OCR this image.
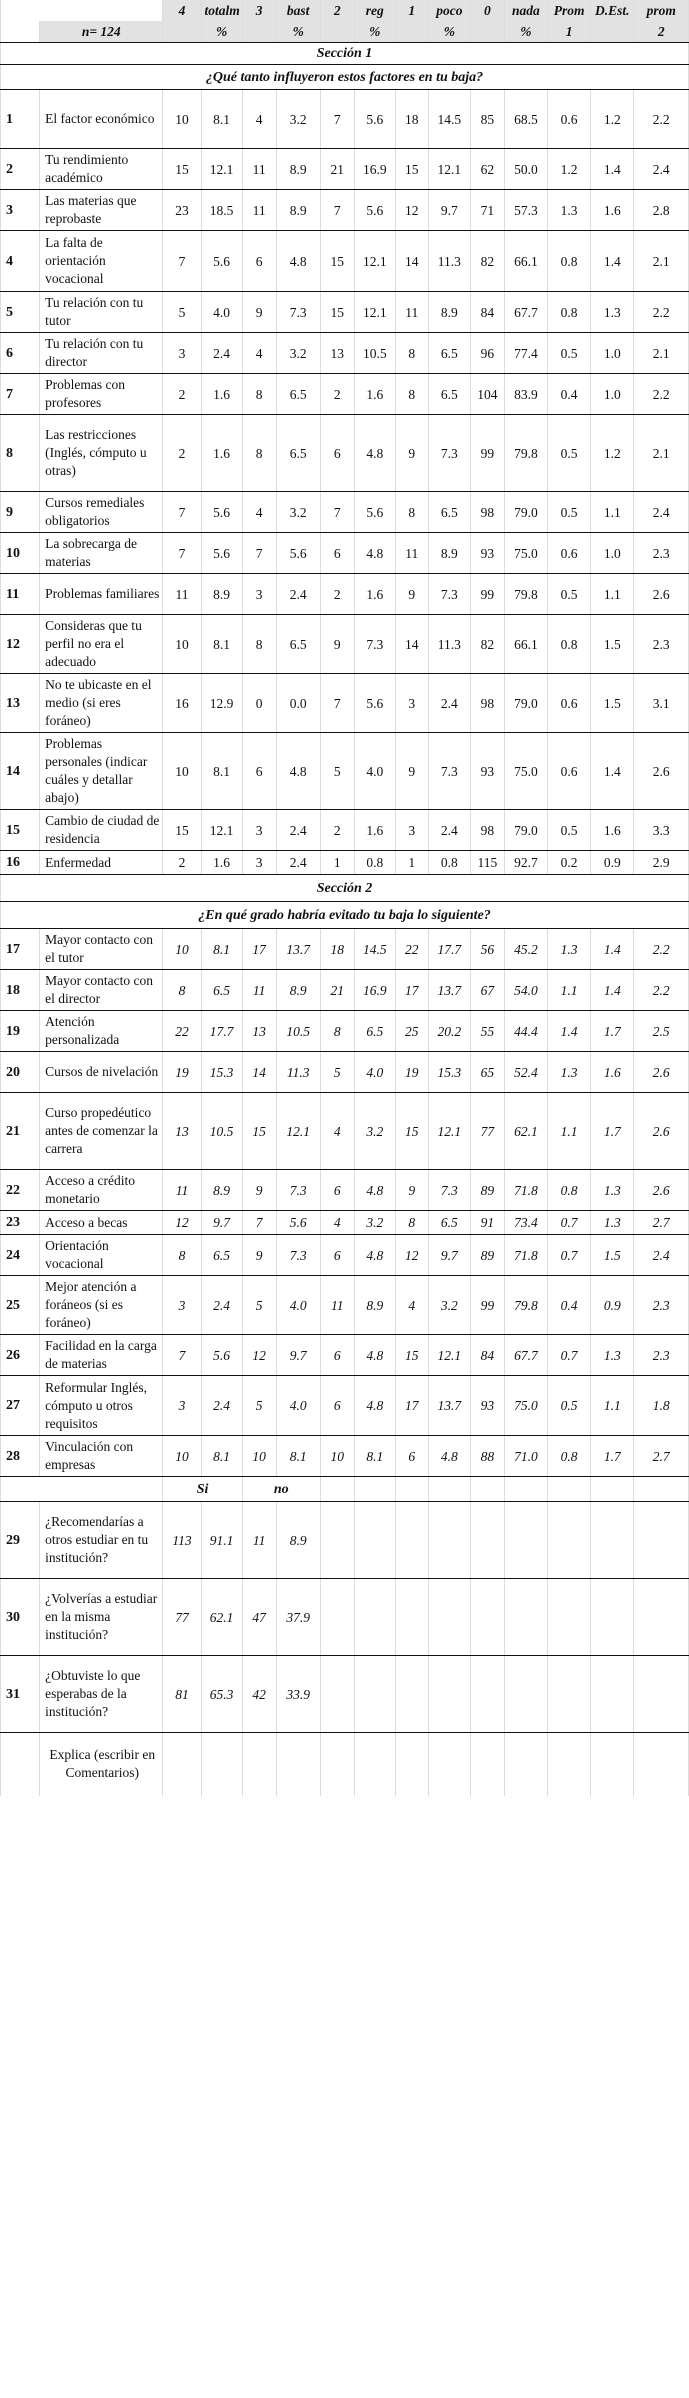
		4	totalm	3	bast	2	reg	1	poco	0	nada	Prom	D.Est.	prom
	n= 124		%		%		%		%		%	1		2
Sección 1														
¿Qué tanto influyeron estos factores en tu baja?														
1	El factor económico	10	8.1	4	3.2	7	5.6	18	14.5	85	68.5	0.6	1.2	2.2
2	Tu rendimiento académico	15	12.1	11	8.9	21	16.9	15	12.1	62	50.0	1.2	1.4	2.4
3	Las materias que reprobaste	23	18.5	11	8.9	7	5.6	12	9.7	71	57.3	1.3	1.6	2.8
4	La falta de orientación vocacional	7	5.6	6	4.8	15	12.1	14	11.3	82	66.1	0.8	1.4	2.1
5	Tu relación con tu tutor	5	4.0	9	7.3	15	12.1	11	8.9	84	67.7	0.8	1.3	2.2
6	Tu relación con tu director	3	2.4	4	3.2	13	10.5	8	6.5	96	77.4	0.5	1.0	2.1
7	Problemas con profesores	2	1.6	8	6.5	2	1.6	8	6.5	104	83.9	0.4	1.0	2.2
8	Las restricciones (Inglés, cómputo u otras)	2	1.6	8	6.5	6	4.8	9	7.3	99	79.8	0.5	1.2	2.1
9	Cursos remediales obligatorios	7	5.6	4	3.2	7	5.6	8	6.5	98	79.0	0.5	1.1	2.4
10	La sobrecarga de materias	7	5.6	7	5.6	6	4.8	11	8.9	93	75.0	0.6	1.0	2.3
11	Problemas familiares	11	8.9	3	2.4	2	1.6	9	7.3	99	79.8	0.5	1.1	2.6
12	Consideras que tu perfil no era el adecuado	10	8.1	8	6.5	9	7.3	14	11.3	82	66.1	0.8	1.5	2.3
13	No te ubicaste en el medio (si eres foráneo)	16	12.9	0	0.0	7	5.6	3	2.4	98	79.0	0.6	1.5	3.1
14	Problemas personales (indicar cuáles y detallar abajo)	10	8.1	6	4.8	5	4.0	9	7.3	93	75.0	0.6	1.4	2.6
15	Cambio de ciudad de residencia	15	12.1	3	2.4	2	1.6	3	2.4	98	79.0	0.5	1.6	3.3
16	Enfermedad	2	1.6	3	2.4	1	0.8	1	0.8	115	92.7	0.2	0.9	2.9
Sección 2														
¿En qué grado habría evitado tu baja lo siguiente?														
17	Mayor contacto con el tutor	10	8.1	17	13.7	18	14.5	22	17.7	56	45.2	1.3	1.4	2.2
18	Mayor contacto con el director	8	6.5	11	8.9	21	16.9	17	13.7	67	54.0	1.1	1.4	2.2
19	Atención personalizada	22	17.7	13	10.5	8	6.5	25	20.2	55	44.4	1.4	1.7	2.5
20	Cursos de nivelación	19	15.3	14	11.3	5	4.0	19	15.3	65	52.4	1.3	1.6	2.6
21	Curso propedéutico antes de comenzar la carrera	13	10.5	15	12.1	4	3.2	15	12.1	77	62.1	1.1	1.7	2.6
22	Acceso a crédito monetario	11	8.9	9	7.3	6	4.8	9	7.3	89	71.8	0.8	1.3	2.6
23	Acceso a becas	12	9.7	7	5.6	4	3.2	8	6.5	91	73.4	0.7	1.3	2.7
24	Orientación vocacional	8	6.5	9	7.3	6	4.8	12	9.7	89	71.8	0.7	1.5	2.4
25	Mejor atención a foráneos (si es foráneo)	3	2.4	5	4.0	11	8.9	4	3.2	99	79.8	0.4	0.9	2.3
26	Facilidad en la carga de materias	7	5.6	12	9.7	6	4.8	15	12.1	84	67.7	0.7	1.3	2.3
27	Reformular Inglés, cómputo u otros requisitos	3	2.4	5	4.0	6	4.8	17	13.7	93	75.0	0.5	1.1	1.8
28	Vinculación con empresas	10	8.1	10	8.1	10	8.1	6	4.8	88	71.0	0.8	1.7	2.7
		Si		no										
29	¿Recomendarías a otros estudiar en tu institución?	113	91.1	11	8.9									
30	¿Volverías a estudiar en la misma institución?	77	62.1	47	37.9									
31	¿Obtuviste lo que esperabas de la institución?	81	65.3	42	33.9									
	Explica (escribir en Comentarios)													
